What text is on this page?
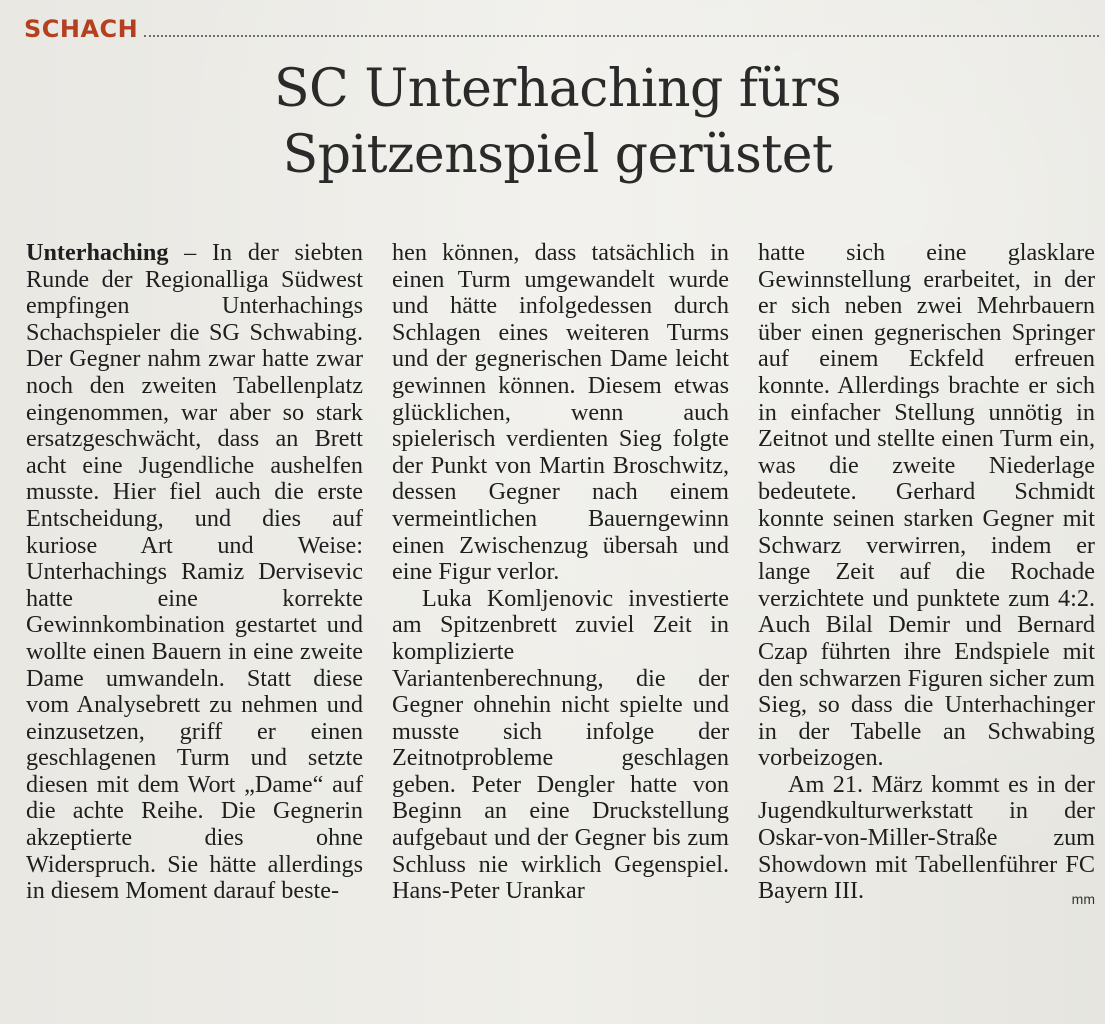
SCHACH
SC Unterhaching fürs
Spitzenspiel gerüstet

Unterhaching – In der siebten Runde der Regionalliga Südwest empfingen Unterhachings Schachspieler die SG Schwabing. Der Gegner nahm zwar hatte zwar noch den zweiten Tabellenplatz eingenommen, war aber so stark ersatzgeschwächt, dass an Brett acht eine Jugendliche aushelfen musste. Hier fiel auch die erste Entscheidung, und dies auf kuriose Art und Weise: Unterhachings Ramiz Dervisevic hatte eine korrekte Gewinnkombination gestartet und wollte einen Bauern in eine zweite Dame umwandeln. Statt diese vom Analysebrett zu nehmen und einzusetzen, griff er einen geschlagenen Turm und setzte diesen mit dem Wort „Dame“ auf die achte Reihe. Die Gegnerin akzeptierte dies ohne Widerspruch. Sie hätte allerdings in diesem Moment darauf beste-

hen können, dass tatsächlich in einen Turm umgewandelt wurde und hätte infolgedessen durch Schlagen eines weiteren Turms und der gegnerischen Dame leicht gewinnen können. Diesem etwas glücklichen, wenn auch spielerisch verdienten Sieg folgte der Punkt von Martin Broschwitz, dessen Gegner nach einem vermeintlichen Bauerngewinn einen Zwischenzug übersah und eine Figur verlor.

Luka Komljenovic investierte am Spitzenbrett zuviel Zeit in komplizierte Variantenberechnung, die der Gegner ohnehin nicht spielte und musste sich infolge der Zeitnotprobleme geschlagen geben. Peter Dengler hatte von Beginn an eine Druckstellung aufgebaut und der Gegner bis zum Schluss nie wirklich Gegenspiel. Hans-Peter Urankar

hatte sich eine glasklare Gewinnstellung erarbeitet, in der er sich neben zwei Mehrbauern über einen gegnerischen Springer auf einem Eckfeld erfreuen konnte. Allerdings brachte er sich in einfacher Stellung unnötig in Zeitnot und stellte einen Turm ein, was die zweite Niederlage bedeutete. Gerhard Schmidt konnte seinen starken Gegner mit Schwarz verwirren, indem er lange Zeit auf die Rochade verzichtete und punktete zum 4:2. Auch Bilal Demir und Bernard Czap führten ihre Endspiele mit den schwarzen Figuren sicher zum Sieg, so dass die Unterhachinger in der Tabelle an Schwabing vorbeizogen.

Am 21. März kommt es in der Jugendkulturwerkstatt in der Oskar-von-Miller-Straße zum Showdown mit Tabellenführer FC Bayern III.	mm
